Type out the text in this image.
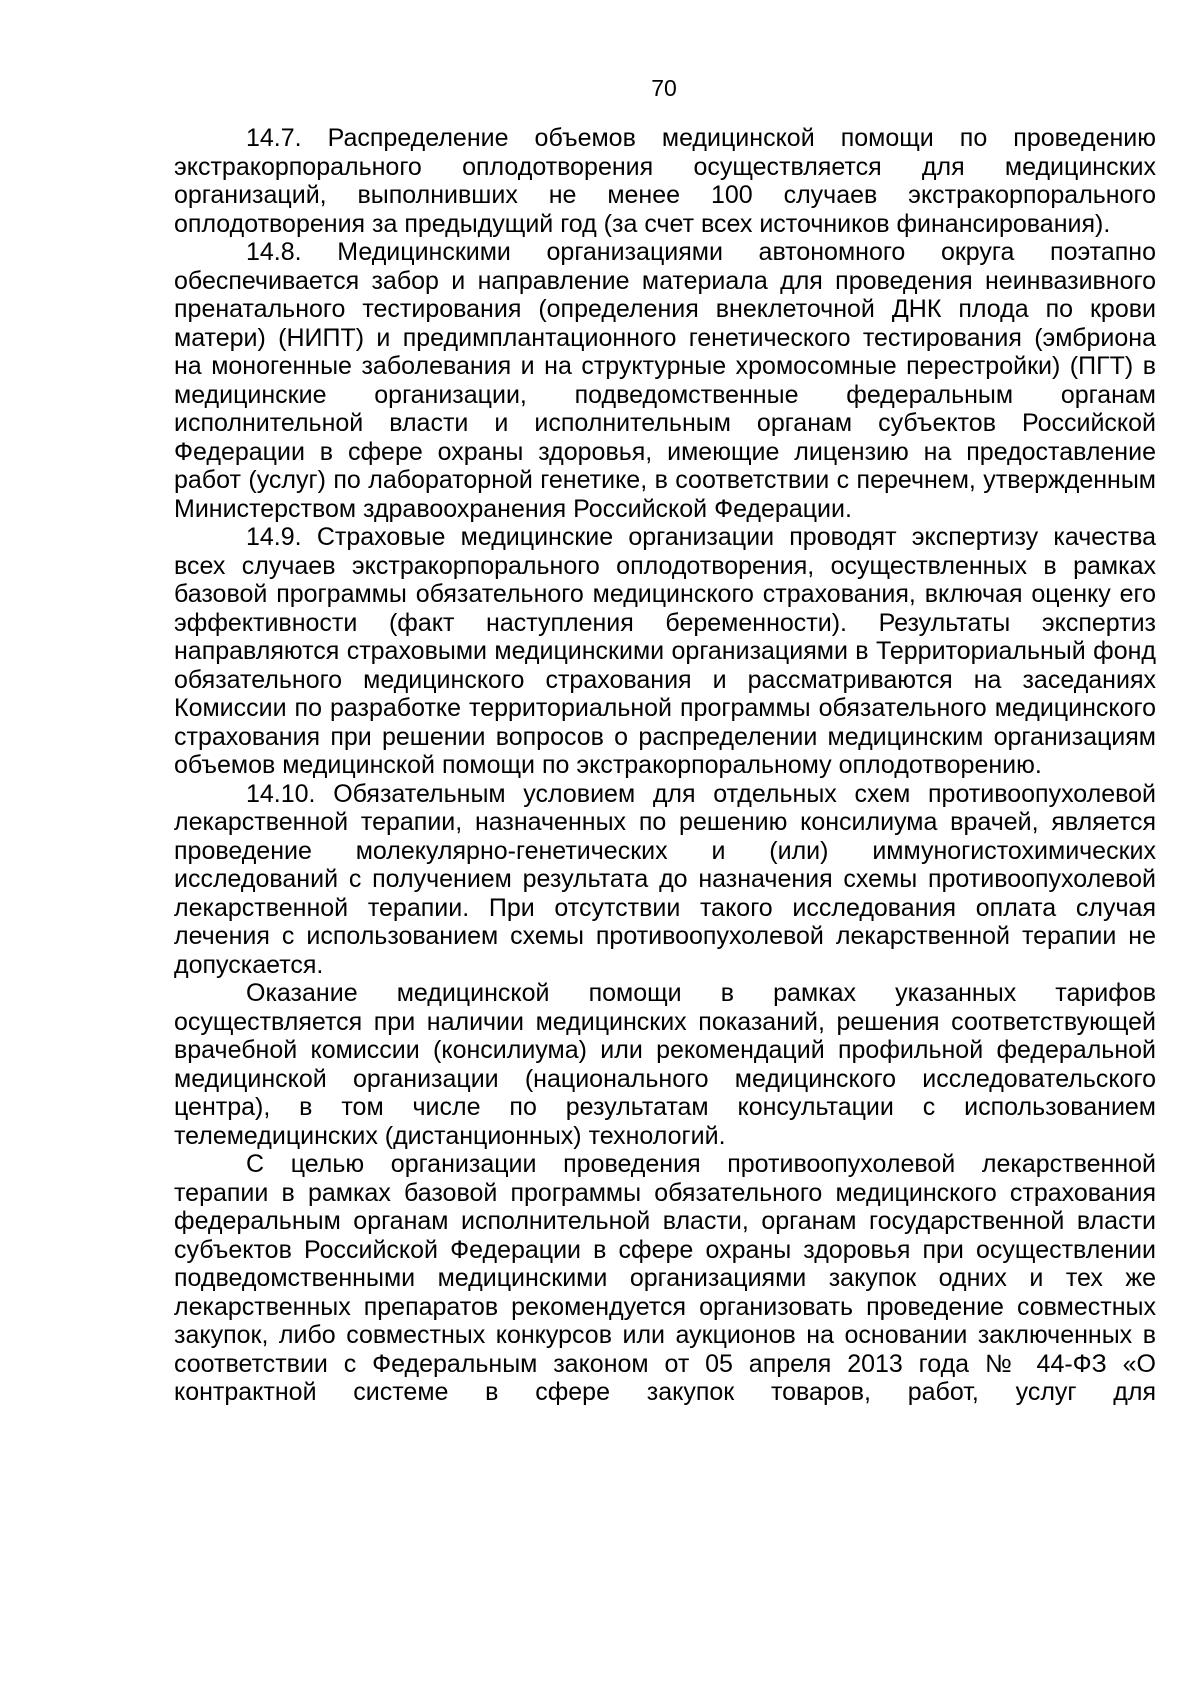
70

14.7. Распределение объемов медицинской помощи по проведению экстракорпорального оплодотворения осуществляется для медицинских организаций, выполнивших не менее 100 случаев экстракорпорального оплодотворения за предыдущий год (за счет всех источников финансирования).

14.8. Медицинскими организациями автономного округа поэтапно обеспечивается забор и направление материала для проведения неинвазивного пренатального тестирования (определения внеклеточной ДНК плода по крови матери) (НИПТ) и предимплантационного генетического тестирования (эмбриона на моногенные заболевания и на структурные хромосомные перестройки) (ПГТ) в медицинские организации, подведомственные федеральным органам исполнительной власти и исполнительным органам субъектов Российской Федерации в сфере охраны здоровья, имеющие лицензию на предоставление работ (услуг) по лабораторной генетике, в соответствии с перечнем, утвержденным Министерством здравоохранения Российской Федерации.

14.9. Страховые медицинские организации проводят экспертизу качества всех случаев экстракорпорального оплодотворения, осуществленных в рамках базовой программы обязательного медицинского страхования, включая оценку его эффективности (факт наступления беременности). Результаты экспертиз направляются страховыми медицинскими организациями в Территориальный фонд обязательного медицинского страхования и рассматриваются на заседаниях Комиссии по разработке территориальной программы обязательного медицинского страхования при решении вопросов о распределении медицинским организациям объемов медицинской помощи по экстракорпоральному оплодотворению.

14.10. Обязательным условием для отдельных схем противоопухолевой лекарственной терапии, назначенных по решению консилиума врачей, является проведение молекулярно-генетических и (или) иммуногистохимических исследований с получением результата до назначения схемы противоопухолевой лекарственной терапии. При отсутствии такого исследования оплата случая лечения с использованием схемы противоопухолевой лекарственной терапии не допускается.

Оказание медицинской помощи в рамках указанных тарифов осуществляется при наличии медицинских показаний, решения соответствующей врачебной комиссии (консилиума) или рекомендаций профильной федеральной медицинской организации (национального медицинского исследовательского центра), в том числе по результатам консультации с использованием телемедицинских (дистанционных) технологий.

С целью организации проведения противоопухолевой лекарственной терапии в рамках базовой программы обязательного медицинского страхования федеральным органам исполнительной власти, органам государственной власти субъектов Российской Федерации в сфере охраны здоровья при осуществлении подведомственными медицинскими организациями закупок одних и тех же лекарственных препаратов рекомендуется организовать проведение совместных закупок, либо совместных конкурсов или аукционов на основании заключенных в соответствии с Федеральным законом от 05 апреля 2013 года № 44-ФЗ «О контрактной системе в сфере закупок товаров, работ, услуг для
